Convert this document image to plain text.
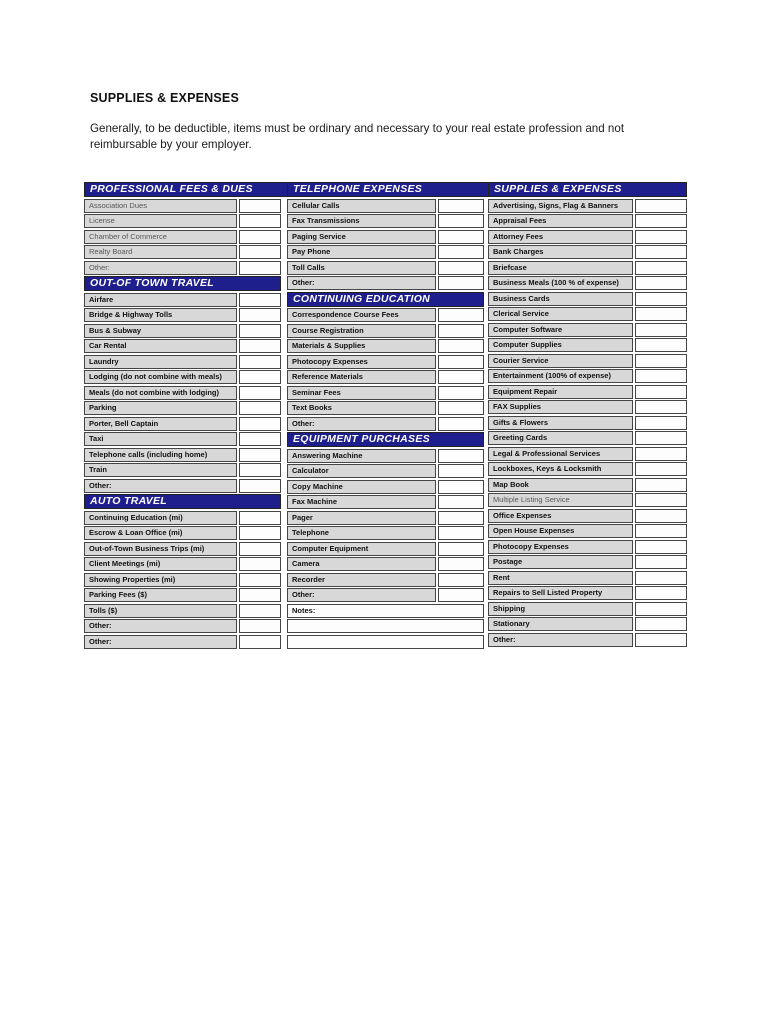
SUPPLIES & EXPENSES

Generally, to be deductible, items must be ordinary and necessary to your real estate profession and not reimbursable by your employer.

PROFESSIONAL FEES & DUES	TELEPHONE EXPENSES	SUPPLIES & EXPENSES
Association Dues
License
Chamber of Commerce
Realty Board
Other:
OUT-OF TOWN TRAVEL
Airfare
Bridge & Highway Tolls
Bus & Subway
Car Rental
Laundry
Lodging (do not combine with meals)
Meals (do not combine with lodging)
Parking
Porter, Bell Captain
Taxi
Telephone calls (including home)
Train
Other:
AUTO TRAVEL
Continuing Education (mi)
Escrow & Loan Office (mi)
Out-of-Town Business Trips (mi)
Client Meetings (mi)
Showing Properties (mi)
Parking Fees ($)
Tolls ($)
Other:
Other:
Cellular Calls
Fax Transmissions
Paging Service
Pay Phone
Toll Calls
Other:
CONTINUING EDUCATION
Correspondence Course Fees
Course Registration
Materials & Supplies
Photocopy Expenses
Reference Materials
Seminar Fees
Text Books
Other:
EQUIPMENT PURCHASES
Answering Machine
Calculator
Copy Machine
Fax Machine
Pager
Telephone
Computer Equipment
Camera
Recorder
Other:
Notes:
Advertising, Signs, Flag & Banners
Appraisal Fees
Attorney Fees
Bank Charges
Briefcase
Business Meals (100 % of expense)
Business Cards
Clerical Service
Computer Software
Computer Supplies
Courier Service
Entertainment (100% of expense)
Equipment Repair
FAX Supplies
Gifts & Flowers
Greeting Cards
Legal & Professional Services
Lockboxes, Keys & Locksmith
Map Book
Multiple Listing Service
Office Expenses
Open House Expenses
Photocopy Expenses
Postage
Rent
Repairs to Sell Listed Property
Shipping
Stationary
Other:
